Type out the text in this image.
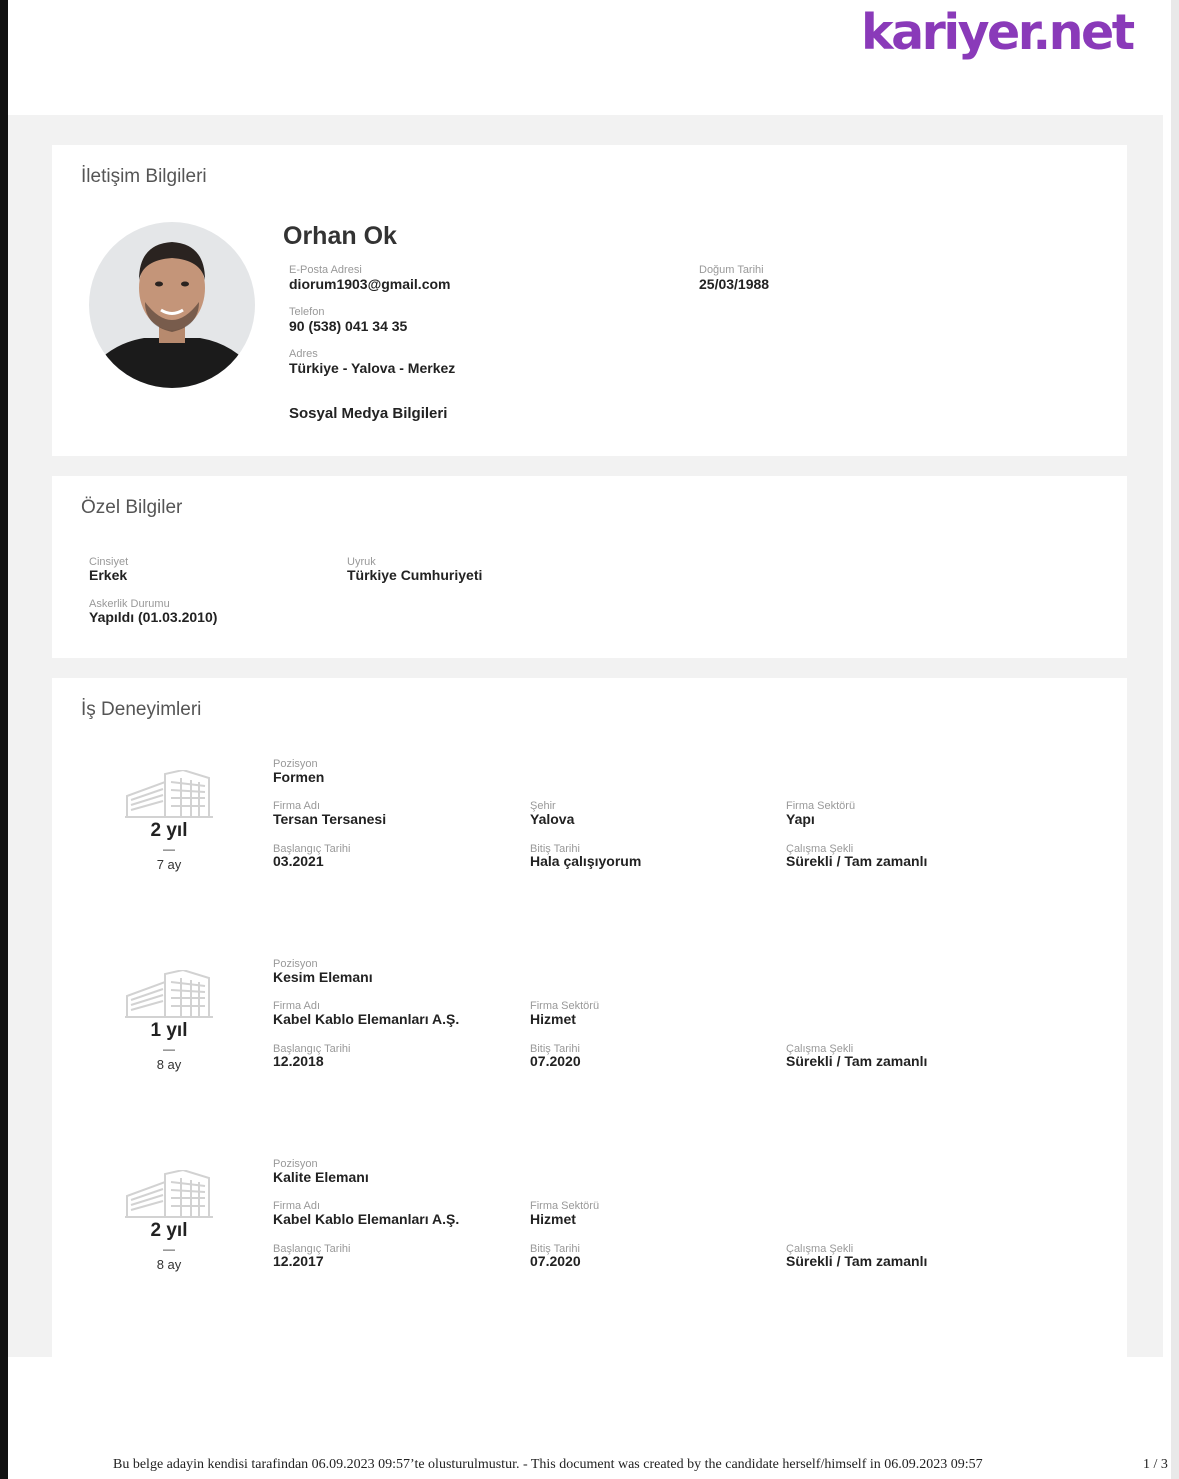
kariyer.net
İletişim Bilgileri
Orhan Ok
E-Posta Adresi
diorum1903@gmail.com
Telefon
90 (538) 041 34 35
Adres
Türkiye - Yalova - Merkez
Doğum Tarihi
25/03/1988
Sosyal Medya Bilgileri
Özel Bilgiler
Cinsiyet
Erkek
Uyruk
Türkiye Cumhuriyeti
Askerlik Durumu
Yapıldı (01.03.2010)
İş Deneyimleri
2 yıl
—
7 ay
Pozisyon
Formen
Firma Adı
Tersan Tersanesi
Şehir
Yalova
Firma Sektörü
Yapı
Başlangıç Tarihi
03.2021
Bitiş Tarihi
Hala çalışıyorum
Çalışma Şekli
Sürekli / Tam zamanlı
1 yıl
—
8 ay
Pozisyon
Kesim Elemanı
Firma Adı
Kabel Kablo Elemanları A.Ş.
Firma Sektörü
Hizmet
Başlangıç Tarihi
12.2018
Bitiş Tarihi
07.2020
Çalışma Şekli
Sürekli / Tam zamanlı
2 yıl
—
8 ay
Pozisyon
Kalite Elemanı
Firma Adı
Kabel Kablo Elemanları A.Ş.
Firma Sektörü
Hizmet
Başlangıç Tarihi
12.2017
Bitiş Tarihi
07.2020
Çalışma Şekli
Sürekli / Tam zamanlı
Bu belge adayin kendisi tarafindan 06.09.2023 09:57’te olusturulmustur. - This document was created by the candidate herself/himself in 06.09.2023 09:57	1 / 3
